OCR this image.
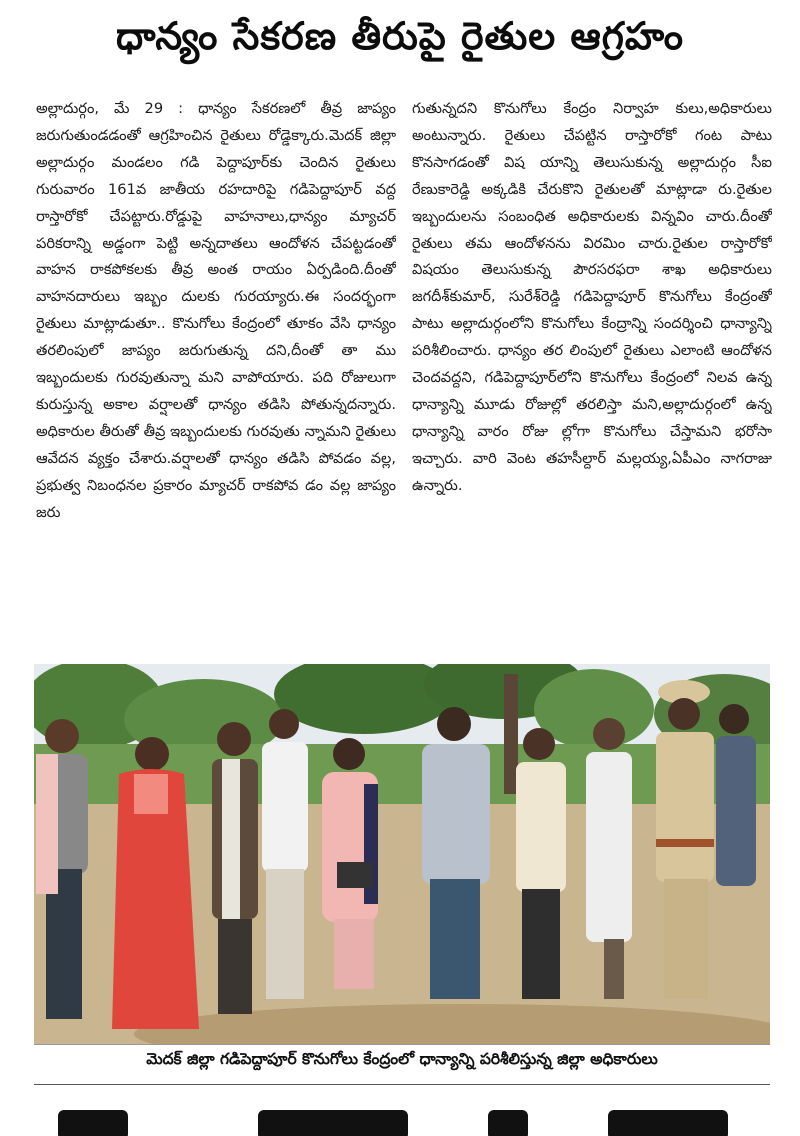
ధాన్యం సేకరణ తీరుపై రైతుల ఆగ్రహం

అల్లాదుర్గం, మే 29 : ధాన్యం సేకరణలో తీవ్ర జాప్యం జరుగుతుండడంతో ఆగ్రహించిన రైతులు రోడ్డెక్కారు.మెదక్ జిల్లా అల్లాదుర్గం మండలం గడి పెద్దాపూర్‌కు చెందిన రైతులు గురువారం 161వ జాతీయ రహదారిపై గడిపెద్దాపూర్ వద్ద రాస్తారోకో చేపట్టారు.రోడ్డుపై వాహనాలు,ధాన్యం మ్యాచర్ పరికరాన్ని అడ్డంగా పెట్టి అన్నదాతలు ఆందోళన చేపట్టడంతో వాహన రాకపోకలకు తీవ్ర అంత రాయం ఏర్పడింది.దీంతో వాహనదారులు ఇబ్బం దులకు గురయ్యారు.ఈ సందర్భంగా రైతులు మాట్లాడుతూ.. కొనుగోలు కేంద్రంలో తూకం వేసి ధాన్యం తరలింపులో జాప్యం జరుగుతున్న దని,దీంతో తా ము ఇబ్బందులకు గురవుతున్నా మని వాపోయారు. పది రోజులుగా కురుస్తున్న అకాల వర్షాలతో ధాన్యం తడిసి పోతున్నదన్నారు. అధికారుల తీరుతో తీవ్ర ఇబ్బందులకు గురవుతు న్నామని రైతులు ఆవేదన వ్యక్తం చేశారు.వర్షాలతో ధాన్యం తడిసి పోవడం వల్ల, ప్రభుత్వ నిబంధనల ప్రకారం మ్యాచర్ రాకపోవ డం వల్ల జాప్యం జరు

గుతున్నదని కొనుగోలు కేంద్రం నిర్వాహ కులు,అధికారులు అంటున్నారు. రైతులు చేపట్టిన రాస్తారోకో గంట పాటు కొనసాగడంతో విష యాన్ని తెలుసుకున్న అల్లాదుర్గం సీఐ రేణుకారెడ్డి అక్కడికి చేరుకొని రైతులతో మాట్లాడా రు.రైతుల ఇబ్బందులను సంబంధిత అధికారులకు విన్నవిం చారు.దీంతో రైతులు తమ ఆందోళనను విరమిం చారు.రైతుల రాస్తారోకో విషయం తెలుసుకున్న పౌరసరఫరా శాఖ అధికారులు జగదీశ్‌కుమార్, సురేశ్‌రెడ్డి గడిపెద్దాపూర్ కొనుగోలు కేంద్రంతో పాటు అల్లాదుర్గంలోని కొనుగోలు కేంద్రాన్ని సందర్శించి ధాన్యాన్ని పరిశీలించారు. ధాన్యం తర లింపులో రైతులు ఎలాంటి ఆందోళన చెందవద్దని, గడిపెద్దాపూర్‌లోని కొనుగోలు కేంద్రంలో నిలవ ఉన్న ధాన్యాన్ని మూడు రోజుల్లో తరలిస్తా మని,అల్లాదుర్గంలో ఉన్న ధాన్యాన్ని వారం రోజు ల్లోగా కొనుగోలు చేస్తామని భరోసా ఇచ్చారు. వారి వెంట తహసీల్దార్ మల్లయ్య,ఏపీఎం నాగరాజు ఉన్నారు.

మెదక్ జిల్లా గడిపెద్దాపూర్ కొనుగోలు కేంద్రంలో ధాన్యాన్ని పరిశీలిస్తున్న జిల్లా అధికారులు
